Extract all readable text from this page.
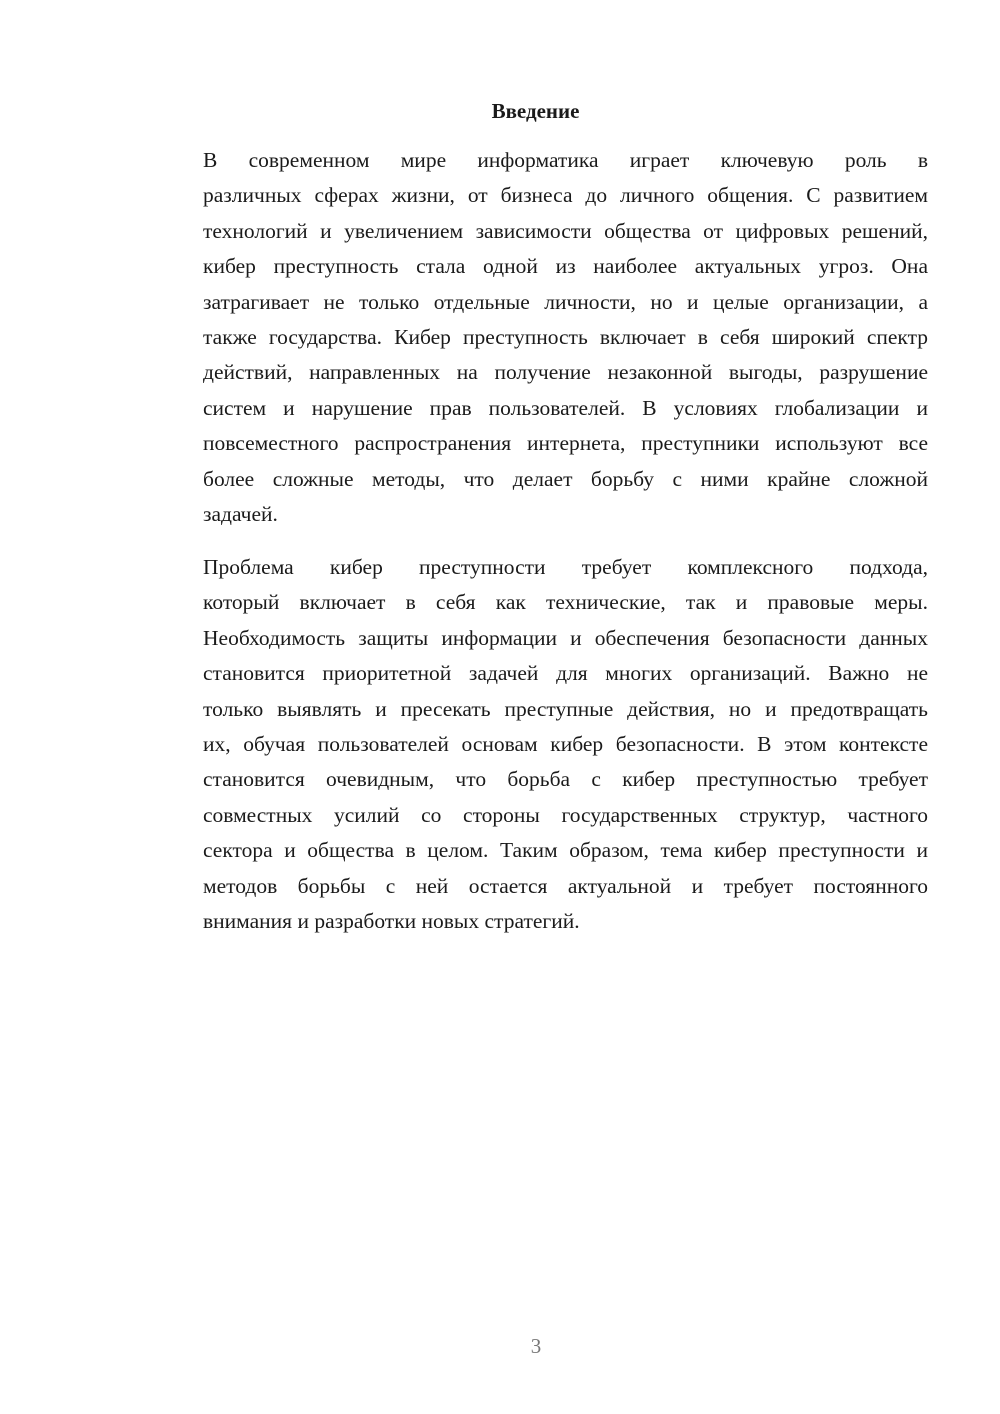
Введение

В современном мире информатика играет ключевую роль в
различных сферах жизни, от бизнеса до личного общения. С развитием
технологий и увеличением зависимости общества от цифровых решений,
кибер преступность стала одной из наиболее актуальных угроз. Она
затрагивает не только отдельные личности, но и целые организации, а
также государства. Кибер преступность включает в себя широкий спектр
действий, направленных на получение незаконной выгоды, разрушение
систем и нарушение прав пользователей. В условиях глобализации и
повсеместного распространения интернета, преступники используют все
более сложные методы, что делает борьбу с ними крайне сложной
задачей.

Проблема кибер преступности требует комплексного подхода,
который включает в себя как технические, так и правовые меры.
Необходимость защиты информации и обеспечения безопасности данных
становится приоритетной задачей для многих организаций. Важно не
только выявлять и пресекать преступные действия, но и предотвращать
их, обучая пользователей основам кибер безопасности. В этом контексте
становится очевидным, что борьба с кибер преступностью требует
совместных усилий со стороны государственных структур, частного
сектора и общества в целом. Таким образом, тема кибер преступности и
методов борьбы с ней остается актуальной и требует постоянного
внимания и разработки новых стратегий.

3
